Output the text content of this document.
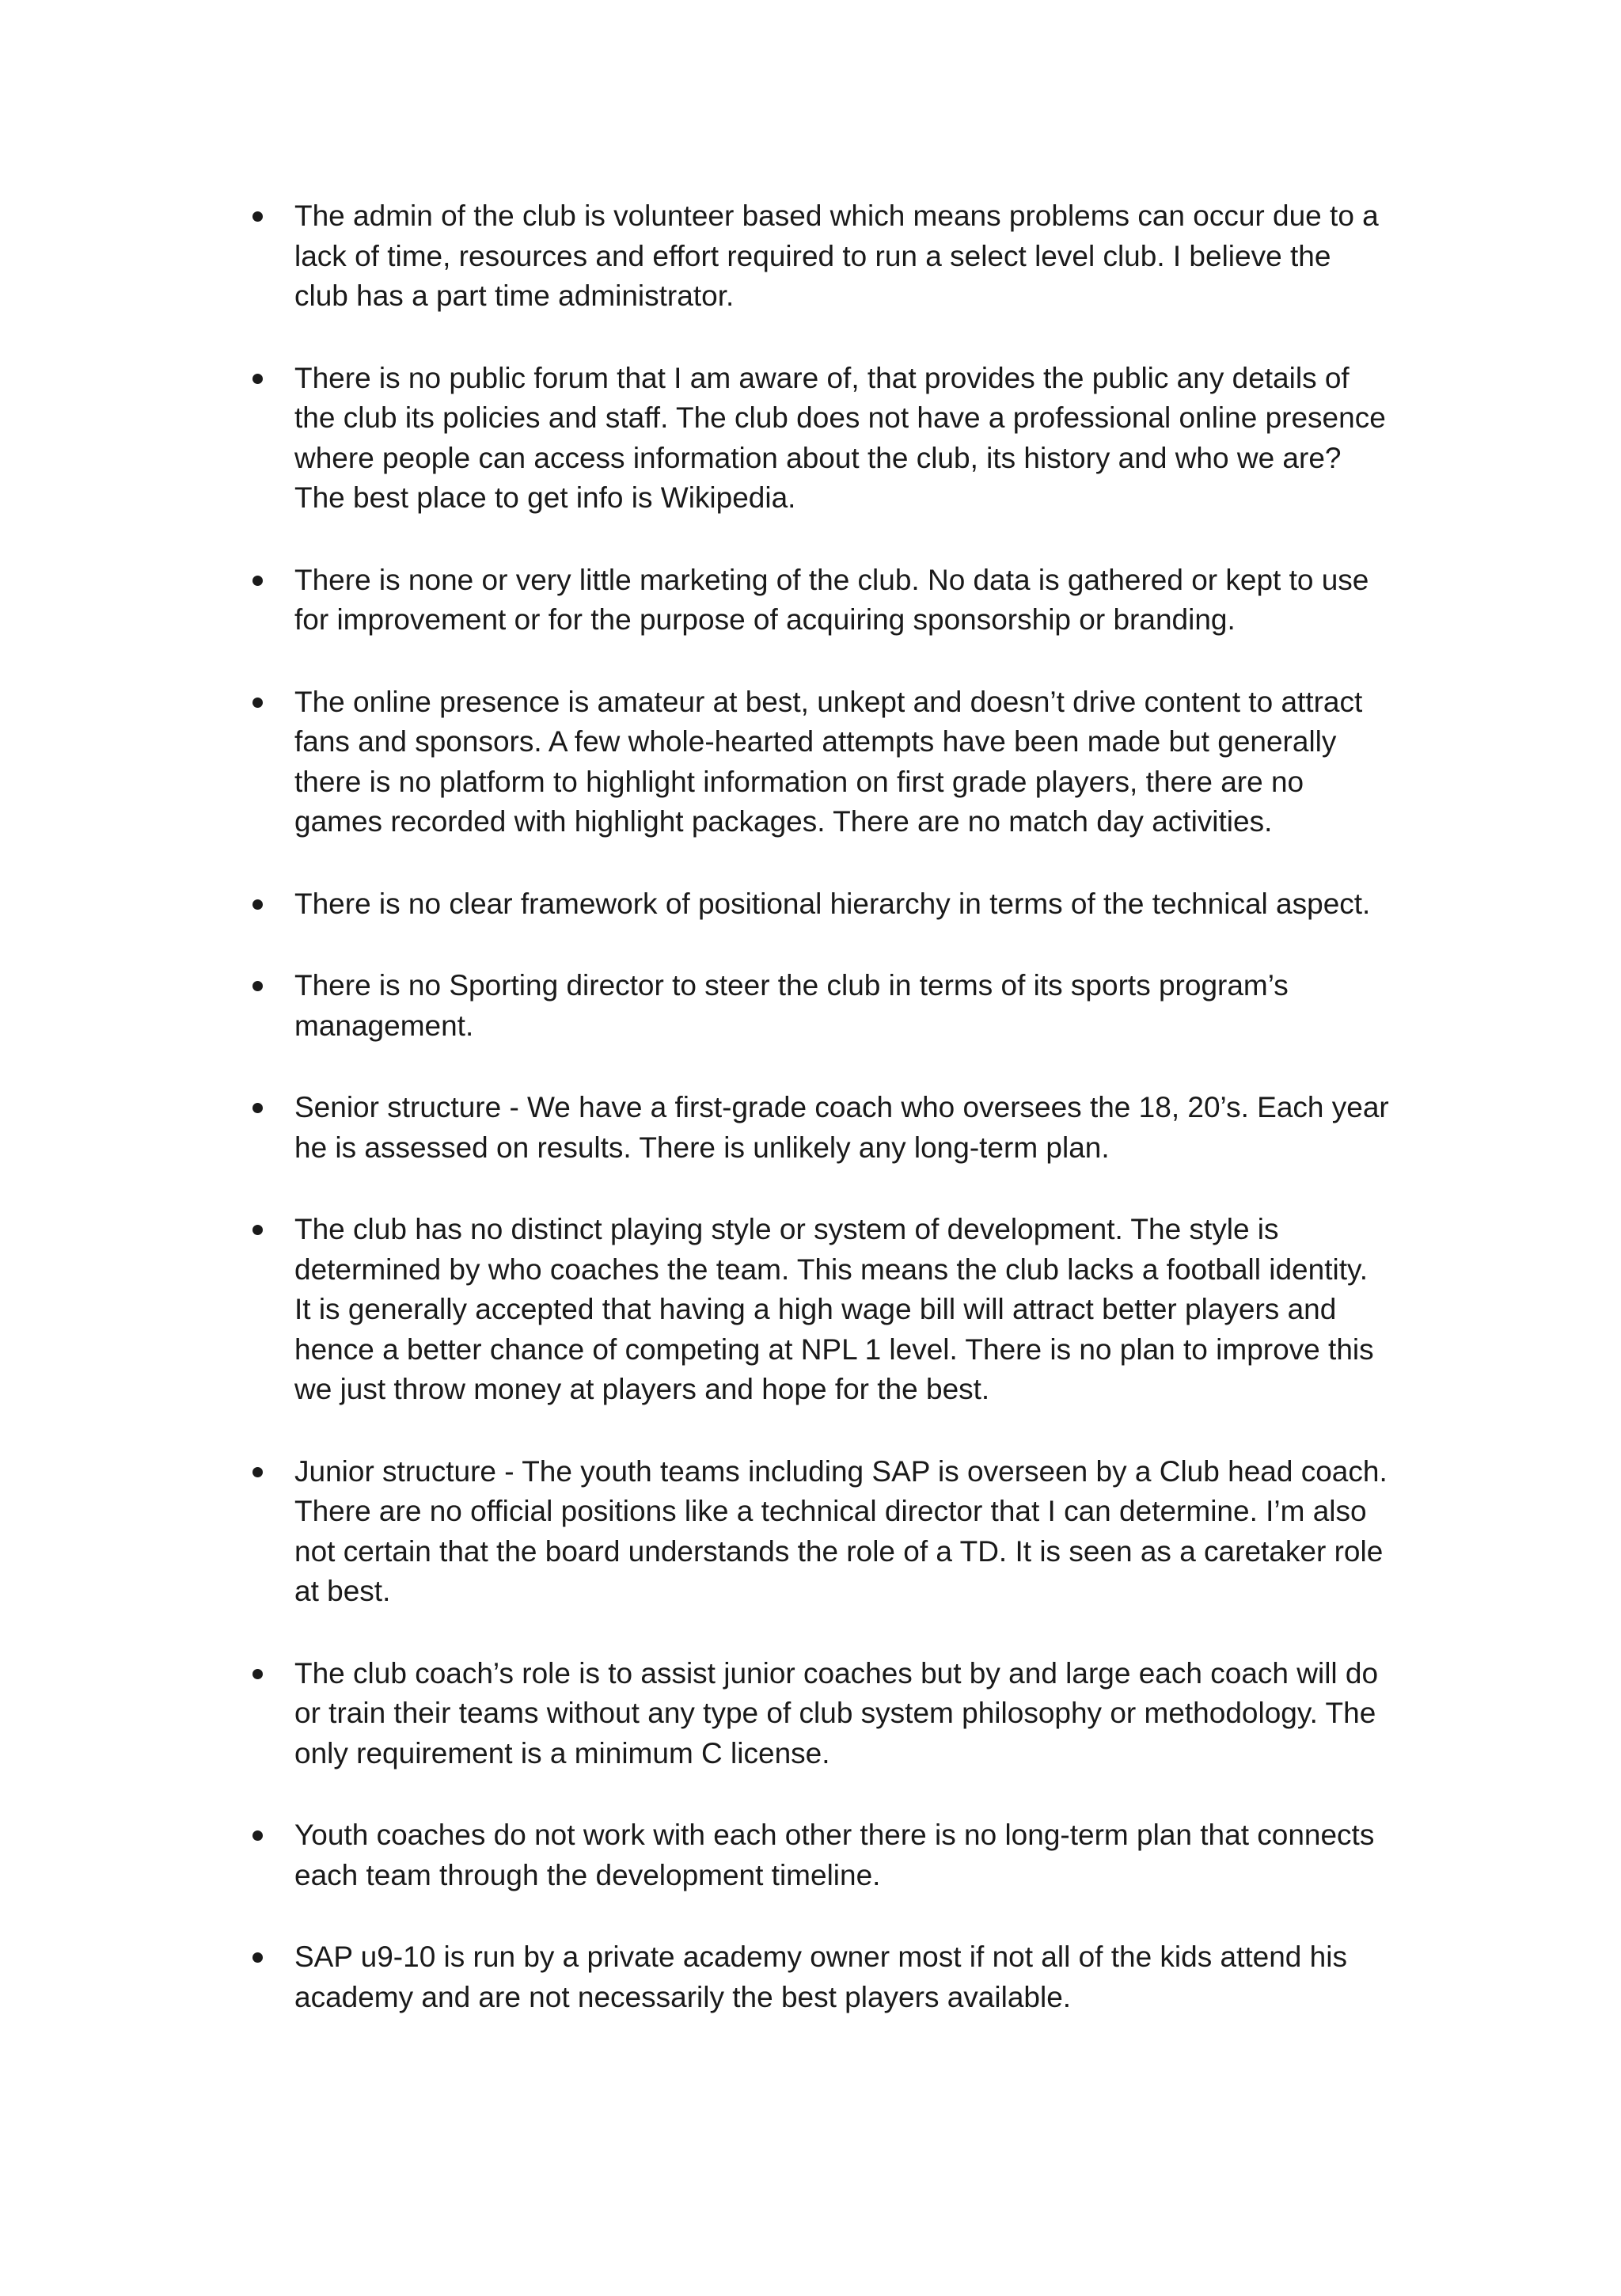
The admin of the club is volunteer based which means problems can occur due to a
lack of time, resources and effort required to run a select level club. I believe the
club has a part time administrator.
There is no public forum that I am aware of, that provides the public any details of
the club its policies and staff. The club does not have a professional online presence
where people can access information about the club, its history and who we are?
The best place to get info is Wikipedia.
There is none or very little marketing of the club. No data is gathered or kept to use
for improvement or for the purpose of acquiring sponsorship or branding.
The online presence is amateur at best, unkept and doesn’t drive content to attract
fans and sponsors. A few whole-hearted attempts have been made but generally
there is no platform to highlight information on first grade players, there are no
games recorded with highlight packages. There are no match day activities.
There is no clear framework of positional hierarchy in terms of the technical aspect.
There is no Sporting director to steer the club in terms of its sports program’s
management.
Senior structure - We have a first-grade coach who oversees the 18, 20’s. Each year
he is assessed on results. There is unlikely any long-term plan.
The club has no distinct playing style or system of development. The style is
determined by who coaches the team. This means the club lacks a football identity.
It is generally accepted that having a high wage bill will attract better players and
hence a better chance of competing at NPL 1 level. There is no plan to improve this
we just throw money at players and hope for the best.
Junior structure - The youth teams including SAP is overseen by a Club head coach.
There are no official positions like a technical director that I can determine. I’m also
not certain that the board understands the role of a TD. It is seen as a caretaker role
at best.
The club coach’s role is to assist junior coaches but by and large each coach will do
or train their teams without any type of club system philosophy or methodology. The
only requirement is a minimum C license.
Youth coaches do not work with each other there is no long-term plan that connects
each team through the development timeline.
SAP u9-10 is run by a private academy owner most if not all of the kids attend his
academy and are not necessarily the best players available.
